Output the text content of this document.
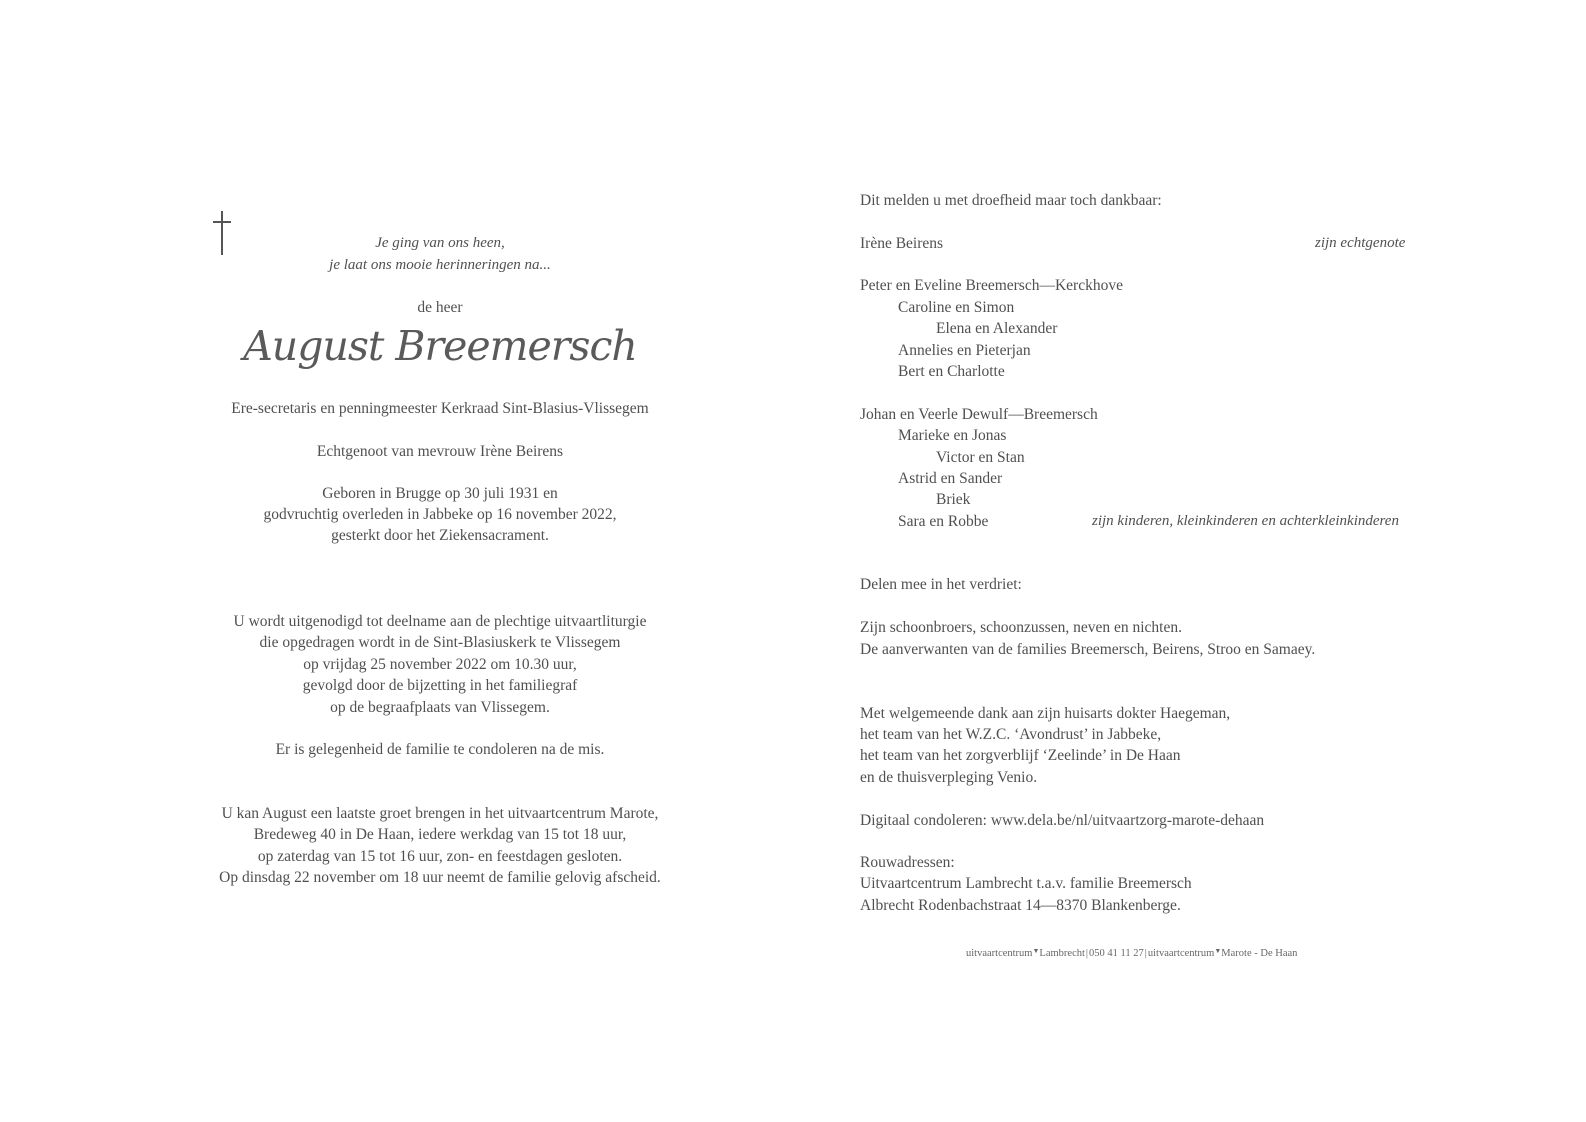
Je ging van ons heen,
je laat ons mooie herinneringen na...
de heer
August Breemersch
Ere-secretaris en penningmeester Kerkraad Sint-Blasius-Vlissegem
Echtgenoot van mevrouw Irène Beirens
Geboren in Brugge op 30 juli 1931 en
godvruchtig overleden in Jabbeke op 16 november 2022,
gesterkt door het Ziekensacrament.
U wordt uitgenodigd tot deelname aan de plechtige uitvaartliturgie
die opgedragen wordt in de Sint-Blasiuskerk te Vlissegem
op vrijdag 25 november 2022 om 10.30 uur,
gevolgd door de bijzetting in het familiegraf
op de begraafplaats van Vlissegem.
Er is gelegenheid de familie te condoleren na de mis.
U kan August een laatste groet brengen in het uitvaartcentrum Marote,
Bredeweg 40 in De Haan, iedere werkdag van 15 tot 18 uur,
op zaterdag van 15 tot 16 uur, zon- en feestdagen gesloten.
Op dinsdag 22 november om 18 uur neemt de familie gelovig afscheid.
Dit melden u met droefheid maar toch dankbaar:
Irène Beirens	zijn echtgenote
Peter en Eveline Breemersch—Kerckhove
Caroline en Simon
Elena en Alexander
Annelies en Pieterjan
Bert en Charlotte
Johan en Veerle Dewulf—Breemersch
Marieke en Jonas
Victor en Stan
Astrid en Sander
Briek
Sara en Robbe	zijn kinderen, kleinkinderen en achterkleinkinderen
Delen mee in het verdriet:
Zijn schoonbroers, schoonzussen, neven en nichten.
De aanverwanten van de families Breemersch, Beirens, Stroo en Samaey.
Met welgemeende dank aan zijn huisarts dokter Haegeman,
het team van het W.Z.C. ‘Avondrust’ in Jabbeke,
het team van het zorgverblijf ‘Zeelinde’ in De Haan
en de thuisverpleging Venio.
Digitaal condoleren: www.dela.be/nl/uitvaartzorg-marote-dehaan
Rouwadressen:
Uitvaartcentrum Lambrecht t.a.v. familie Breemersch
Albrecht Rodenbachstraat 14—8370 Blankenberge.
uitvaartcentrum▼Lambrecht|050 41 11 27|uitvaartcentrum▼Marote - De Haan
